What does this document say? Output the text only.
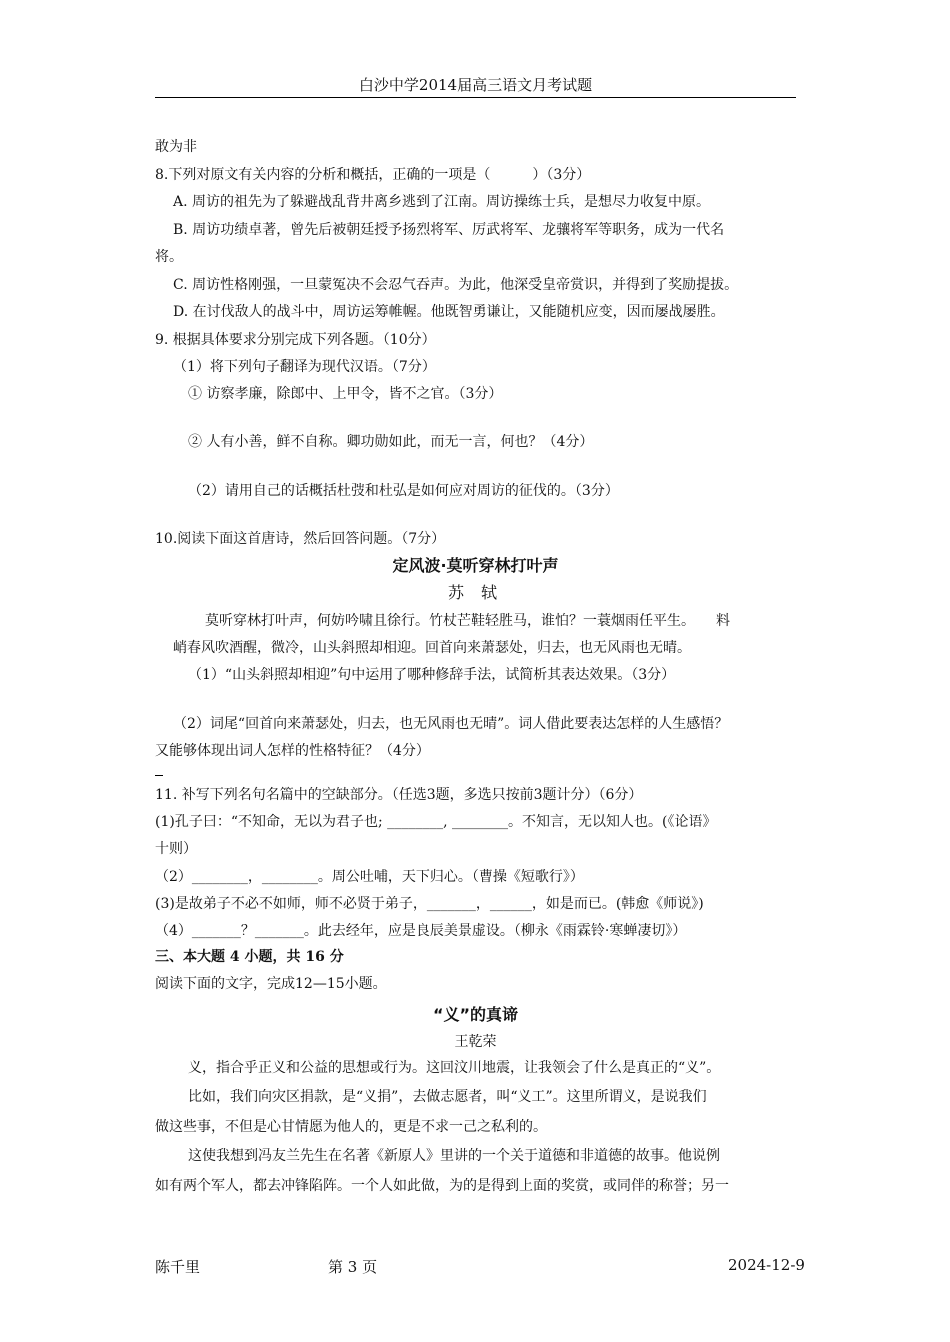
白沙中学2014届高三语文月考试题
敢为非
8.下列对原文有关内容的分析和概括，正确的一项是（　　　）（3分）
A. 周访的祖先为了躲避战乱背井离乡逃到了江南。周访操练士兵，是想尽力收复中原。
B. 周访功绩卓著，曾先后被朝廷授予扬烈将军、厉武将军、龙骧将军等职务，成为一代名
将。
C. 周访性格刚强，一旦蒙冤决不会忍气吞声。为此，他深受皇帝赏识，并得到了奖励提拔。
D. 在讨伐敌人的战斗中，周访运筹帷幄。他既智勇谦让，又能随机应变，因而屡战屡胜。
9. 根据具体要求分别完成下列各题。（10分）
（1）将下列句子翻译为现代汉语。（7分）
① 访察孝廉，除郎中、上甲令，皆不之官。（3分）
② 人有小善，鲜不自称。卿功勋如此，而无一言，何也？（4分）
（2）请用自己的话概括杜弢和杜弘是如何应对周访的征伐的。（3分）
10.阅读下面这首唐诗，然后回答问题。（7分）
定风波·莫听穿林打叶声
苏 轼
莫听穿林打叶声，何妨吟啸且徐行。竹杖芒鞋轻胜马，谁怕？一蓑烟雨任平生。　　料
峭春风吹酒醒，微冷，山头斜照却相迎。回首向来萧瑟处，归去，也无风雨也无晴。
（1）“山头斜照却相迎”句中运用了哪种修辞手法，试简析其表达效果。（3分）
（2）词尾“回首向来萧瑟处，归去，也无风雨也无晴”。词人借此要表达怎样的人生感悟？
又能够体现出词人怎样的性格特征？（4分）
11. 补写下列名句名篇中的空缺部分。（任选3题，多选只按前3题计分）（6分）
(1)孔子曰：“不知命，无以为君子也; ________, ________。不知言，无以知人也。(《论语》
十则）
（2）________，________。周公吐哺，天下归心。（曹操《短歌行》）
(3)是故弟子不必不如师，师不必贤于弟子，_______，______，如是而已。(韩愈《师说》)
（4）_______？_______。此去经年，应是良辰美景虚设。（柳永《雨霖铃·寒蝉凄切》）
三、本大题 4 小题，共 16 分
阅读下面的文字，完成12—15小题。
“义”的真谛
王乾荣
义，指合乎正义和公益的思想或行为。这回汶川地震，让我领会了什么是真正的“义”。
比如，我们向灾区捐款，是“义捐”，去做志愿者，叫“义工”。这里所谓义，是说我们
做这些事，不但是心甘情愿为他人的，更是不求一己之私利的。
这使我想到冯友兰先生在名著《新原人》里讲的一个关于道德和非道德的故事。他说例
如有两个军人，都去冲锋陷阵。一个人如此做，为的是得到上面的奖赏，或同伴的称誉；另一
陈千里	第 3 页	2024-12-9
